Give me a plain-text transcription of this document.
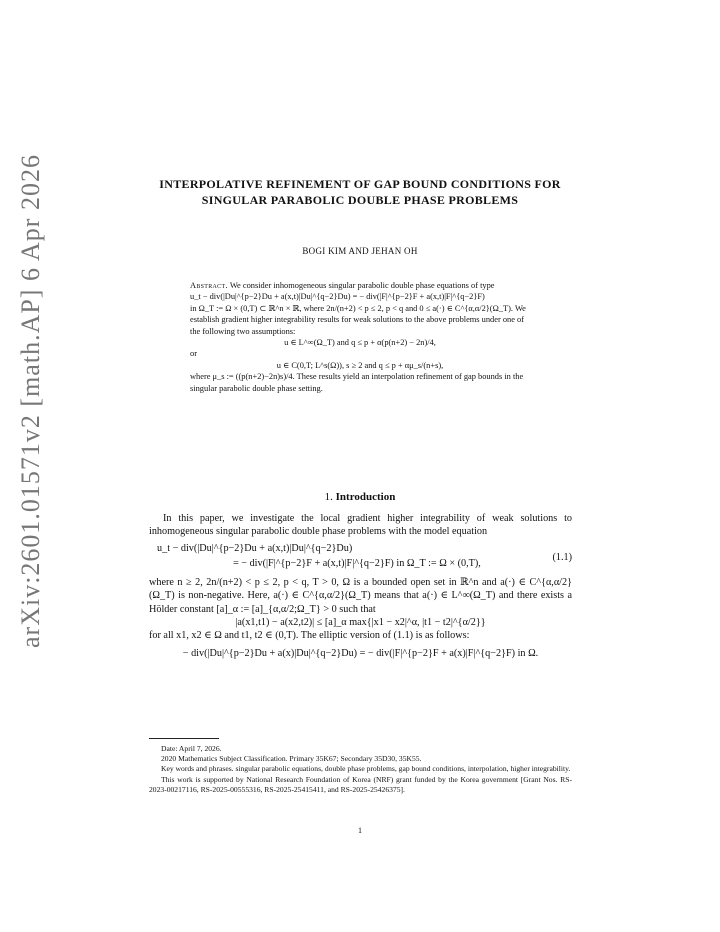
arXiv:2601.01571v2 [math.AP] 6 Apr 2026	INTERPOLATIVE REFINEMENT OF GAP BOUND CONDITIONS FOR SINGULAR PARABOLIC DOUBLE PHASE PROBLEMS
BOGI KIM AND JEHAN OH

Abstract. We consider inhomogeneous singular parabolic double phase equations of type

u_t − div(|Du|^{p−2}Du + a(x,t)|Du|^{q−2}Du) = − div(|F|^{p−2}F + a(x,t)|F|^{q−2}F)

in Ω_T := Ω × (0,T) ⊂ ℝ^n × ℝ, where 2n/(n+2) < p ≤ 2, p < q and 0 ≤ a(·) ∈ C^{α,α/2}(Ω_T). We establish gradient higher integrability results for weak solutions to the above problems under one of the following two assumptions:

u ∈ L^∞(Ω_T) and q ≤ p + α(p(n+2) − 2n)/4,

or

u ∈ C(0,T; L^s(Ω)), s ≥ 2 and q ≤ p + αμ_s/(n+s),

where μ_s := ((p(n+2)−2n)s)/4. These results yield an interpolation refinement of gap bounds in the singular parabolic double phase setting.

1. Introduction

In this paper, we investigate the local gradient higher integrability of weak solutions to inhomogeneous singular parabolic double phase problems with the model equation

u_t − div(|Du|^{p−2}Du + a(x,t)|Du|^{q−2}Du)
= − div(|F|^{p−2}F + a(x,t)|F|^{q−2}F) in Ω_T := Ω × (0,T),
(1.1)

where n ≥ 2, 2n/(n+2) < p ≤ 2, p < q, T > 0, Ω is a bounded open set in ℝ^n and a(·) ∈ C^{α,α/2}(Ω_T) is non-negative. Here, a(·) ∈ C^{α,α/2}(Ω_T) means that a(·) ∈ L^∞(Ω_T) and there exists a Hölder constant [a]_α := [a]_{α,α/2;Ω_T} > 0 such that

|a(x1,t1) − a(x2,t2)| ≤ [a]_α max{|x1 − x2|^α, |t1 − t2|^{α/2}}

for all x1, x2 ∈ Ω and t1, t2 ∈ (0,T). The elliptic version of (1.1) is as follows:

− div(|Du|^{p−2}Du + a(x)|Du|^{q−2}Du) = − div(|F|^{p−2}F + a(x)|F|^{q−2}F) in Ω.

Date: April 7, 2026.

2020 Mathematics Subject Classification. Primary 35K67; Secondary 35D30, 35K55.

Key words and phrases. singular parabolic equations, double phase problems, gap bound conditions, interpolation, higher integrability.

This work is supported by National Research Foundation of Korea (NRF) grant funded by the Korea government [Grant Nos. RS-2023-00217116, RS-2025-00555316, RS-2025-25415411, and RS-2025-25426375].

1
